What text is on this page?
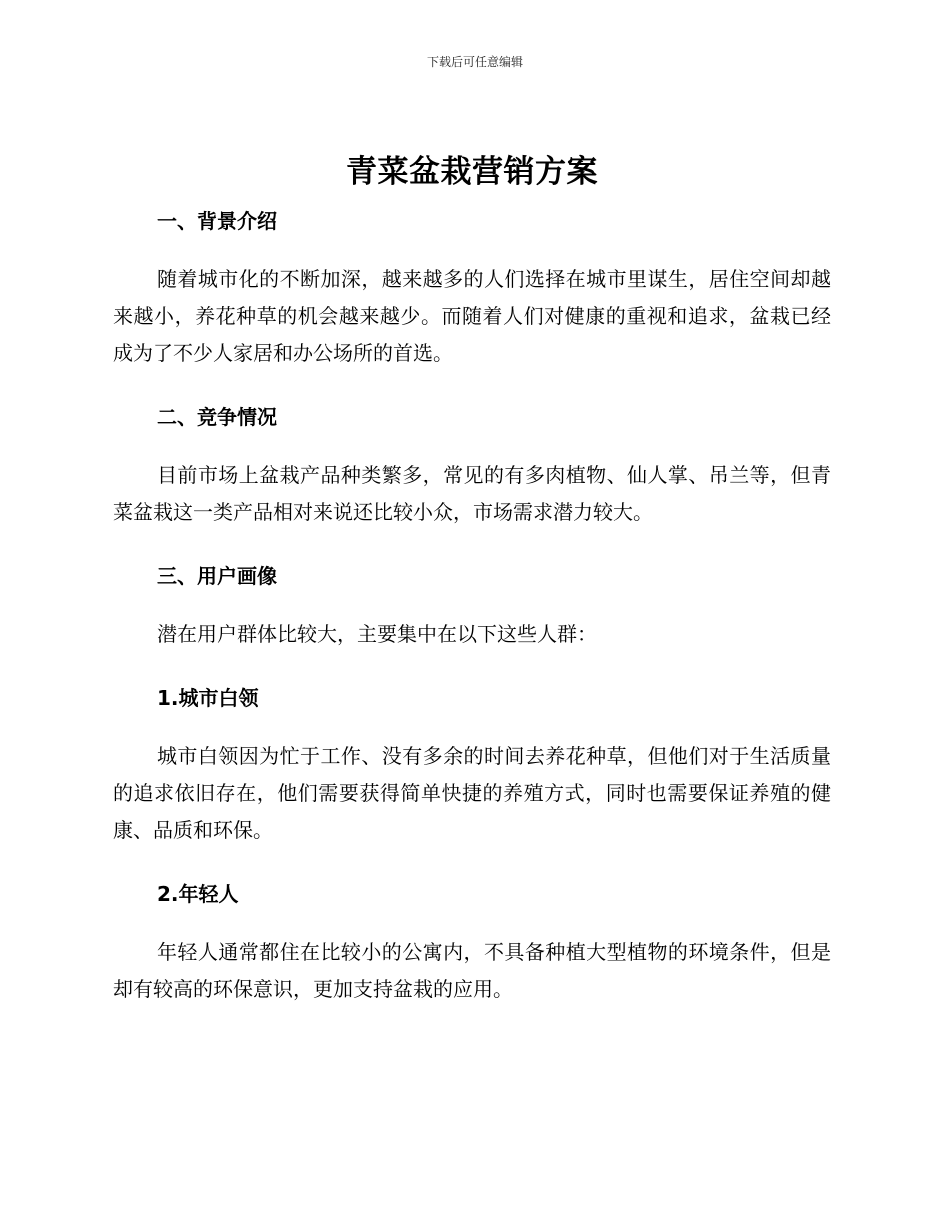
下载后可任意编辑
青菜盆栽营销方案
一、背景介绍

随着城市化的不断加深，越来越多的人们选择在城市里谋生，居住空间却越来越小，养花种草的机会越来越少。而随着人们对健康的重视和追求，盆栽已经成为了不少人家居和办公场所的首选。

二、竞争情况

目前市场上盆栽产品种类繁多，常见的有多肉植物、仙人掌、吊兰等，但青菜盆栽这一类产品相对来说还比较小众，市场需求潜力较大。

三、用户画像

潜在用户群体比较大，主要集中在以下这些人群：

1.城市白领

城市白领因为忙于工作、没有多余的时间去养花种草，但他们对于生活质量的追求依旧存在，他们需要获得简单快捷的养殖方式，同时也需要保证养殖的健康、品质和环保。

2.年轻人

年轻人通常都住在比较小的公寓内，不具备种植大型植物的环境条件，但是却有较高的环保意识，更加支持盆栽的应用。
